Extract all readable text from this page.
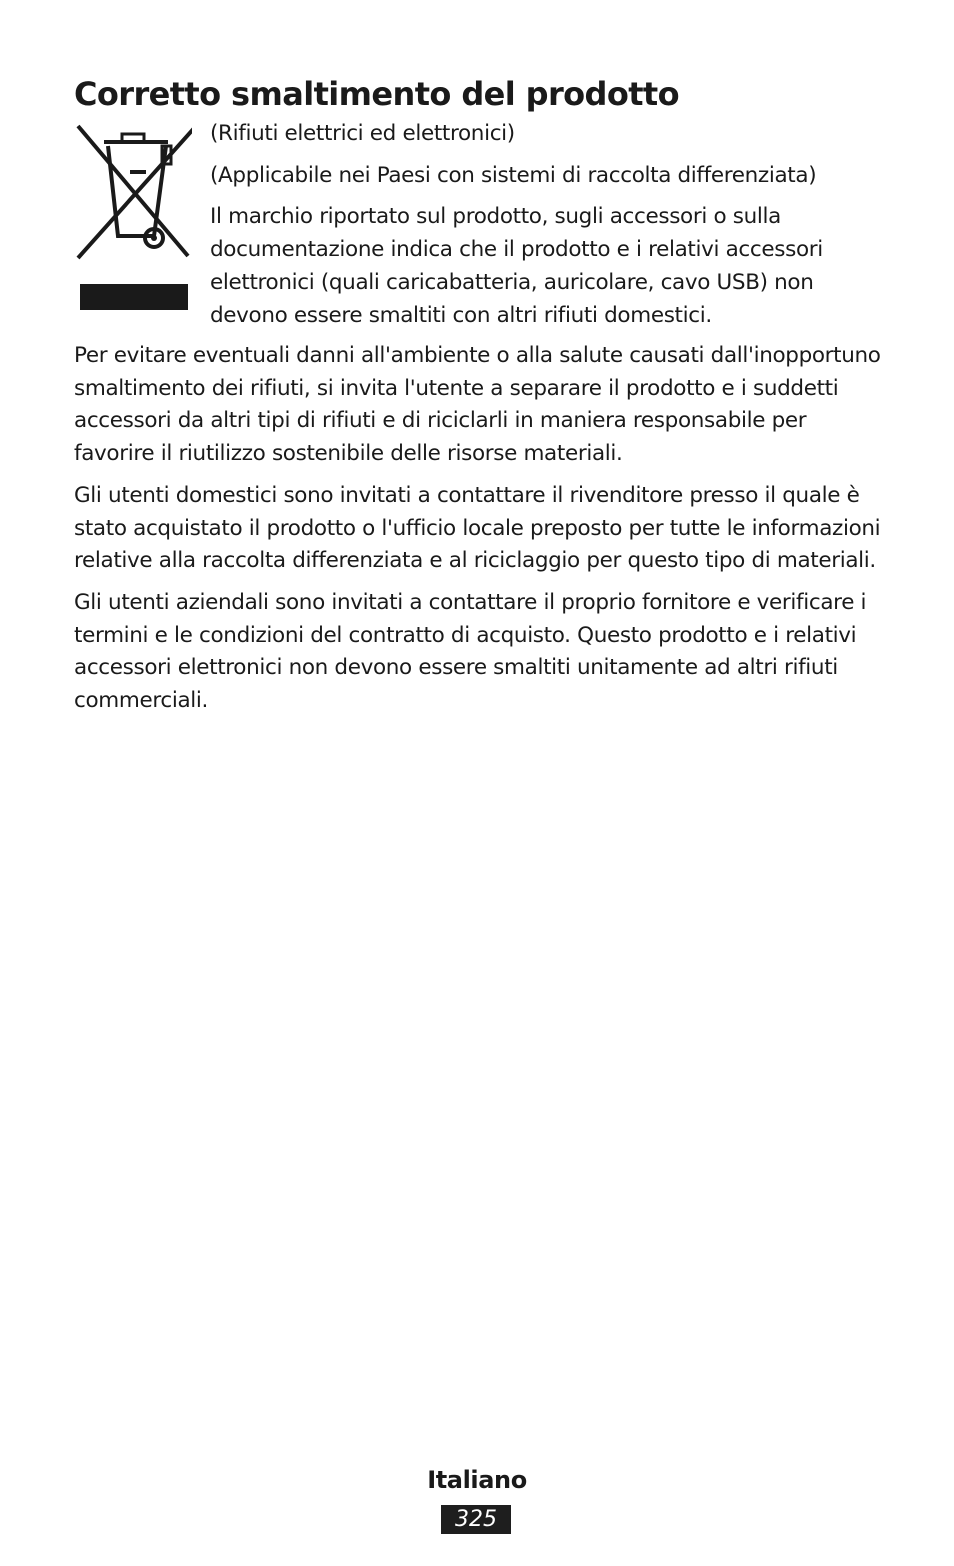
Corretto smaltimento del prodotto

(Rifiuti elettrici ed elettronici)

(Applicabile nei Paesi con sistemi di raccolta differenziata)

Il marchio riportato sul prodotto, sugli accessori o sulla documentazione indica che il prodotto e i relativi accessori elettronici (quali caricabatteria, auricolare, cavo USB) non devono essere smaltiti con altri rifiuti domestici.

Per evitare eventuali danni all'ambiente o alla salute causati dall'inopportuno smaltimento dei rifiuti, si invita l'utente a separare il prodotto e i suddetti accessori da altri tipi di rifiuti e di riciclarli in maniera responsabile per favorire il riutilizzo sostenibile delle risorse materiali.

Gli utenti domestici sono invitati a contattare il rivenditore presso il quale è stato acquistato il prodotto o l'ufficio locale preposto per tutte le informazioni relative alla raccolta differenziata e al riciclaggio per questo tipo di materiali.

Gli utenti aziendali sono invitati a contattare il proprio fornitore e verificare i termini e le condizioni del contratto di acquisto. Questo prodotto e i relativi accessori elettronici non devono essere smaltiti unitamente ad altri rifiuti commerciali.

Italiano
325
